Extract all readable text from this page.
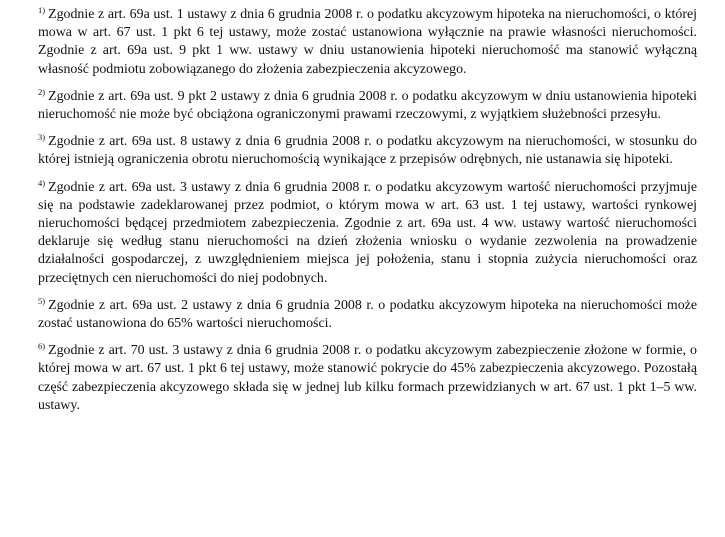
$^{1)}$ Zgodnie z art. 69a ust. 1 ustawy z dnia 6 grudnia 2008 r. o podatku akcyzowym hipoteka na nieruchomości, o której mowa w art. 67 ust. 1 pkt 6 tej ustawy, może zostać ustanowiona wyłącznie na prawie własności nieruchomości. Zgodnie z art. 69a ust. 9 pkt 1 ww. ustawy w dniu ustanowienia hipoteki nieruchomość ma stanowić wyłączną własność podmiotu zobowiązanego do złożenia zabezpieczenia akcyzowego.

$^{2)}$ Zgodnie z art. 69a ust. 9 pkt 2 ustawy z dnia 6 grudnia 2008 r. o podatku akcyzowym w dniu ustanowienia hipoteki nieruchomość nie może być obciążona ograniczonymi prawami rzeczowymi, z wyjątkiem służebności przesyłu.

$^{3)}$ Zgodnie z art. 69a ust. 8 ustawy z dnia 6 grudnia 2008 r. o podatku akcyzowym na nieruchomości, w stosunku do której istnieją ograniczenia obrotu nieruchomością wynikające z przepisów odrębnych, nie ustanawia się hipoteki.

$^{4)}$ Zgodnie z art. 69a ust. 3 ustawy z dnia 6 grudnia 2008 r. o podatku akcyzowym wartość nieruchomości przyjmuje się na podstawie zadeklarowanej przez podmiot, o którym mowa w art. 63 ust. 1 tej ustawy, wartości rynkowej nieruchomości będącej przedmiotem zabezpieczenia. Zgodnie z art. 69a ust. 4 ww. ustawy wartość nieruchomości deklaruje się według stanu nieruchomości na dzień złożenia wniosku o wydanie zezwolenia na prowadzenie działalności gospodarczej, z uwzględnieniem miejsca jej położenia, stanu i stopnia zużycia nieruchomości oraz przeciętnych cen nieruchomości do niej podobnych.

$^{5)}$ Zgodnie z art. 69a ust. 2 ustawy z dnia 6 grudnia 2008 r. o podatku akcyzowym hipoteka na nieruchomości może zostać ustanowiona do 65% wartości nieruchomości.

$^{6)}$ Zgodnie z art. 70 ust. 3 ustawy z dnia 6 grudnia 2008 r. o podatku akcyzowym zabezpieczenie złożone w formie, o której mowa w art. 67 ust. 1 pkt 6 tej ustawy, może stanowić pokrycie do 45% zabezpieczenia akcyzowego. Pozostałą część zabezpieczenia akcyzowego składa się w jednej lub kilku formach przewidzianych w art. 67 ust. 1 pkt 1–5 ww. ustawy.
